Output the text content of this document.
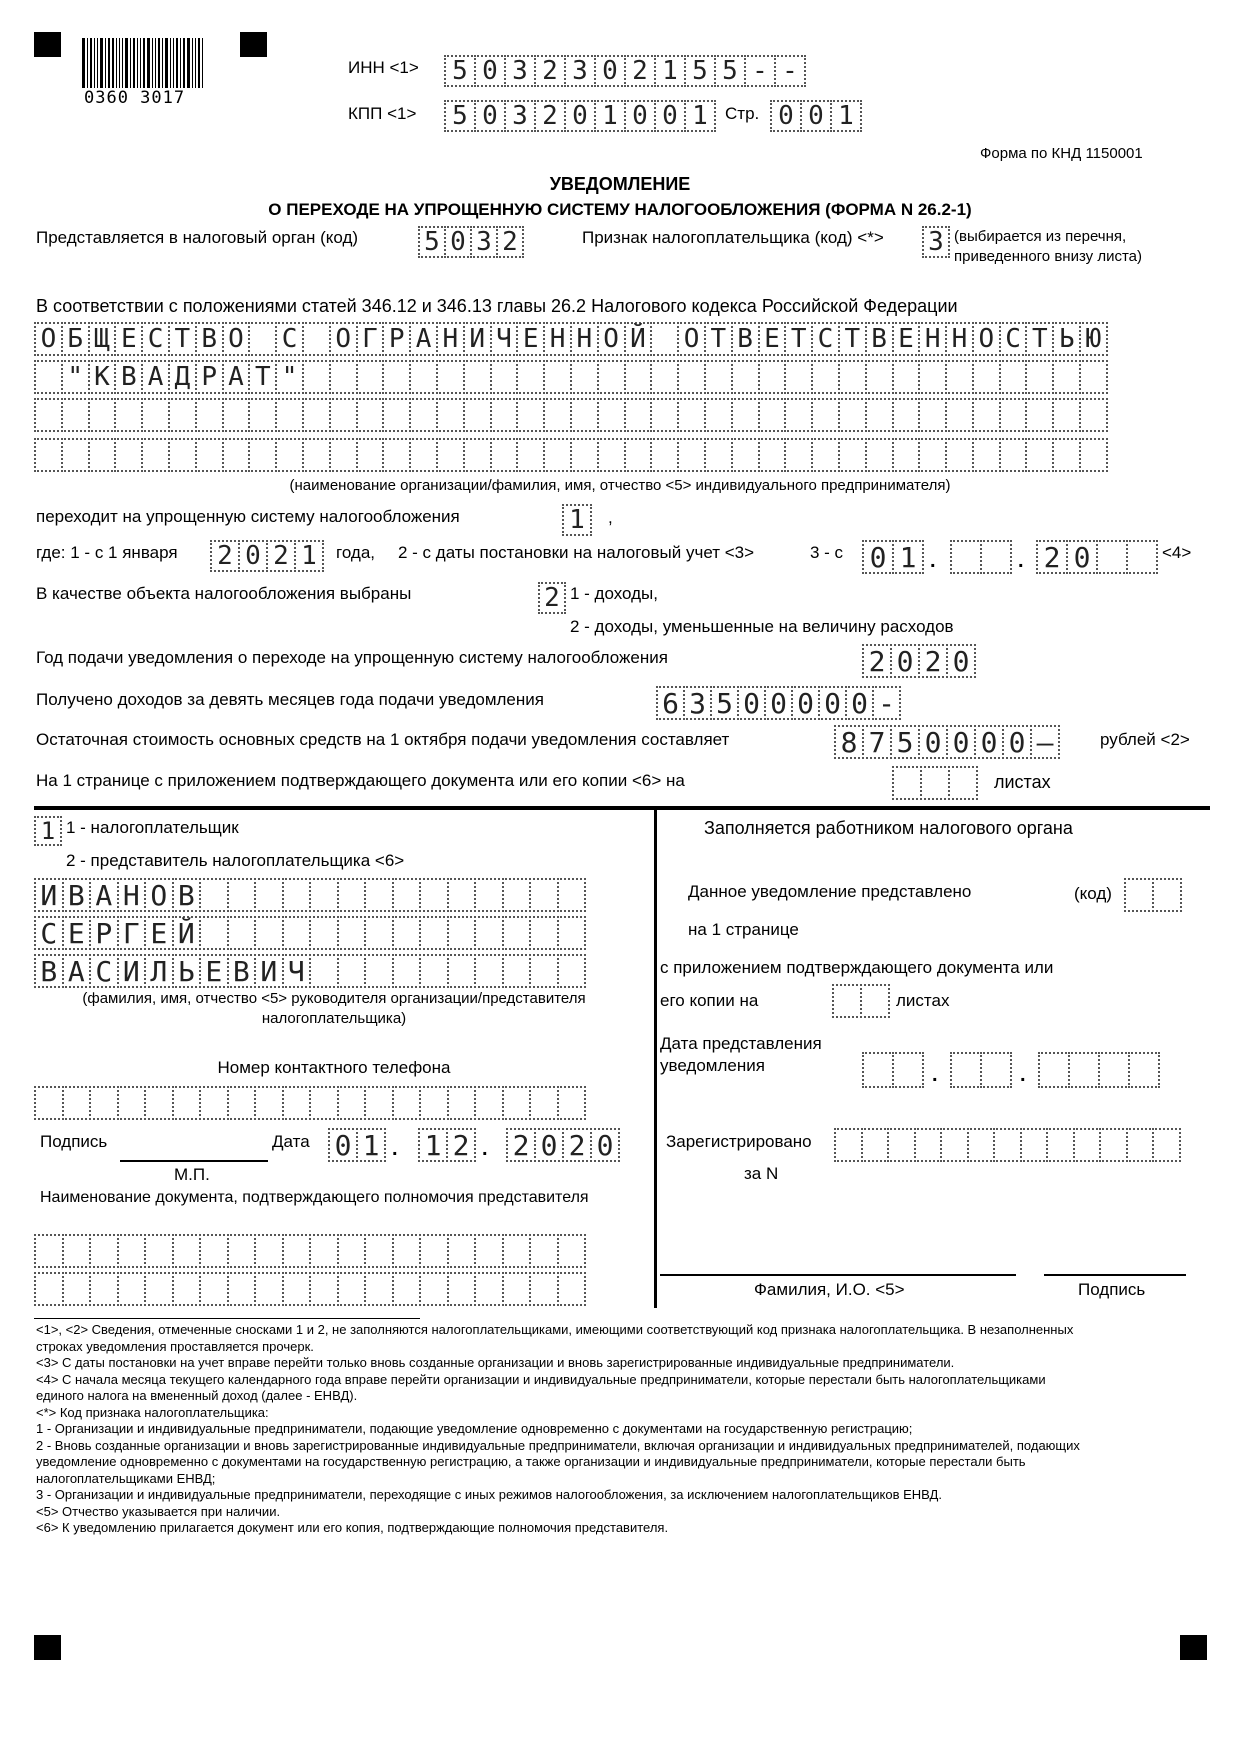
0360 3017
ИНН <1>	5 0 3 2 3 0 2 1 5 5 - -
КПП <1>	5 0 3 2 0 1 0 0 1	Стр. 0 0 1
Форма по КНД 1150001
УВЕДОМЛЕНИЕ
О ПЕРЕХОДЕ НА УПРОЩЕННУЮ СИСТЕМУ НАЛОГООБЛОЖЕНИЯ (ФОРМА N 26.2-1)
Представляется в налоговый орган (код)	5 0 3 2	Признак налогоплательщика (код) <*> 3 (выбирается из перечня,
приведенного внизу листа)
В соответствии с положениями статей 346.12 и 346.13 главы 26.2 Налогового кодекса Российской Федерации
О Б Щ Е С Т В О С О Г Р А Н И Ч Е Н Н О Й О Т В Е Т С Т В Е Н Н О С Т Ь Ю
" К В А Д Р А Т "
(наименование организации/фамилия, имя, отчество <5> индивидуального предпринимателя)
переходит на упрощенную систему налогообложения	1	,
где: 1 - с 1 января 2 0 2 1	года, 2 - с даты постановки на налоговый учет <3>	3 - с 0 1 .	. 2 0	<4>
В качестве объекта налогообложения выбраны	2 1 - доходы,
2 - доходы, уменьшенные на величину расходов
Год подачи уведомления о переходе на упрощенную систему налогообложения	2 0 2 0
Получено доходов за девять месяцев года подачи уведомления	6 3 5 0 0 0 0 0 -
Остаточная стоимость основных средств на 1 октября подачи уведомления составляет	8 7 5 0 0 0 0 –	рублей <2>
На 1 странице с приложением подтверждающего документа или его копии <6> на	листах
1 1 - налогоплательщик
2 - представитель налогоплательщика <6>
И В А Н О В
С Е Р Г Е Й
В А С И Л Ь Е В И Ч
(фамилия, имя, отчество <5> руководителя организации/представителя
налогоплательщика)
Номер контактного телефона
Подпись	Дата 0 1 . 1 2 . 2 0 2 0
М.П.
Наименование документа, подтверждающего полномочия представителя
Заполняется работником налогового органа
Данное уведомление представлено	(код)
на 1 странице
с приложением подтверждающего документа или
его копии на	листах
Дата представления
уведомления	.	.
Зарегистрировано
за N
Фамилия, И.О. <5>	Подпись
<1>, <2> Сведения, отмеченные сносками 1 и 2, не заполняются налогоплательщиками, имеющими соответствующий код признака налогоплательщика. В незаполненных
строках уведомления проставляется прочерк.
<3> С даты постановки на учет вправе перейти только вновь созданные организации и вновь зарегистрированные индивидуальные предприниматели.
<4> С начала месяца текущего календарного года вправе перейти организации и индивидуальные предприниматели, которые перестали быть налогоплательщиками
единого налога на вмененный доход (далее - ЕНВД).
<*> Код признака налогоплательщика:
1 - Организации и индивидуальные предприниматели, подающие уведомление одновременно с документами на государственную регистрацию;
2 - Вновь созданные организации и вновь зарегистрированные индивидуальные предприниматели, включая организации и индивидуальных предпринимателей, подающих
уведомление одновременно с документами на государственную регистрацию, а также организации и индивидуальные предприниматели, которые перестали быть
налогоплательщиками ЕНВД;
3 - Организации и индивидуальные предприниматели, переходящие с иных режимов налогообложения, за исключением налогоплательщиков ЕНВД.
<5> Отчество указывается при наличии.
<6> К уведомлению прилагается документ или его копия, подтверждающие полномочия представителя.
